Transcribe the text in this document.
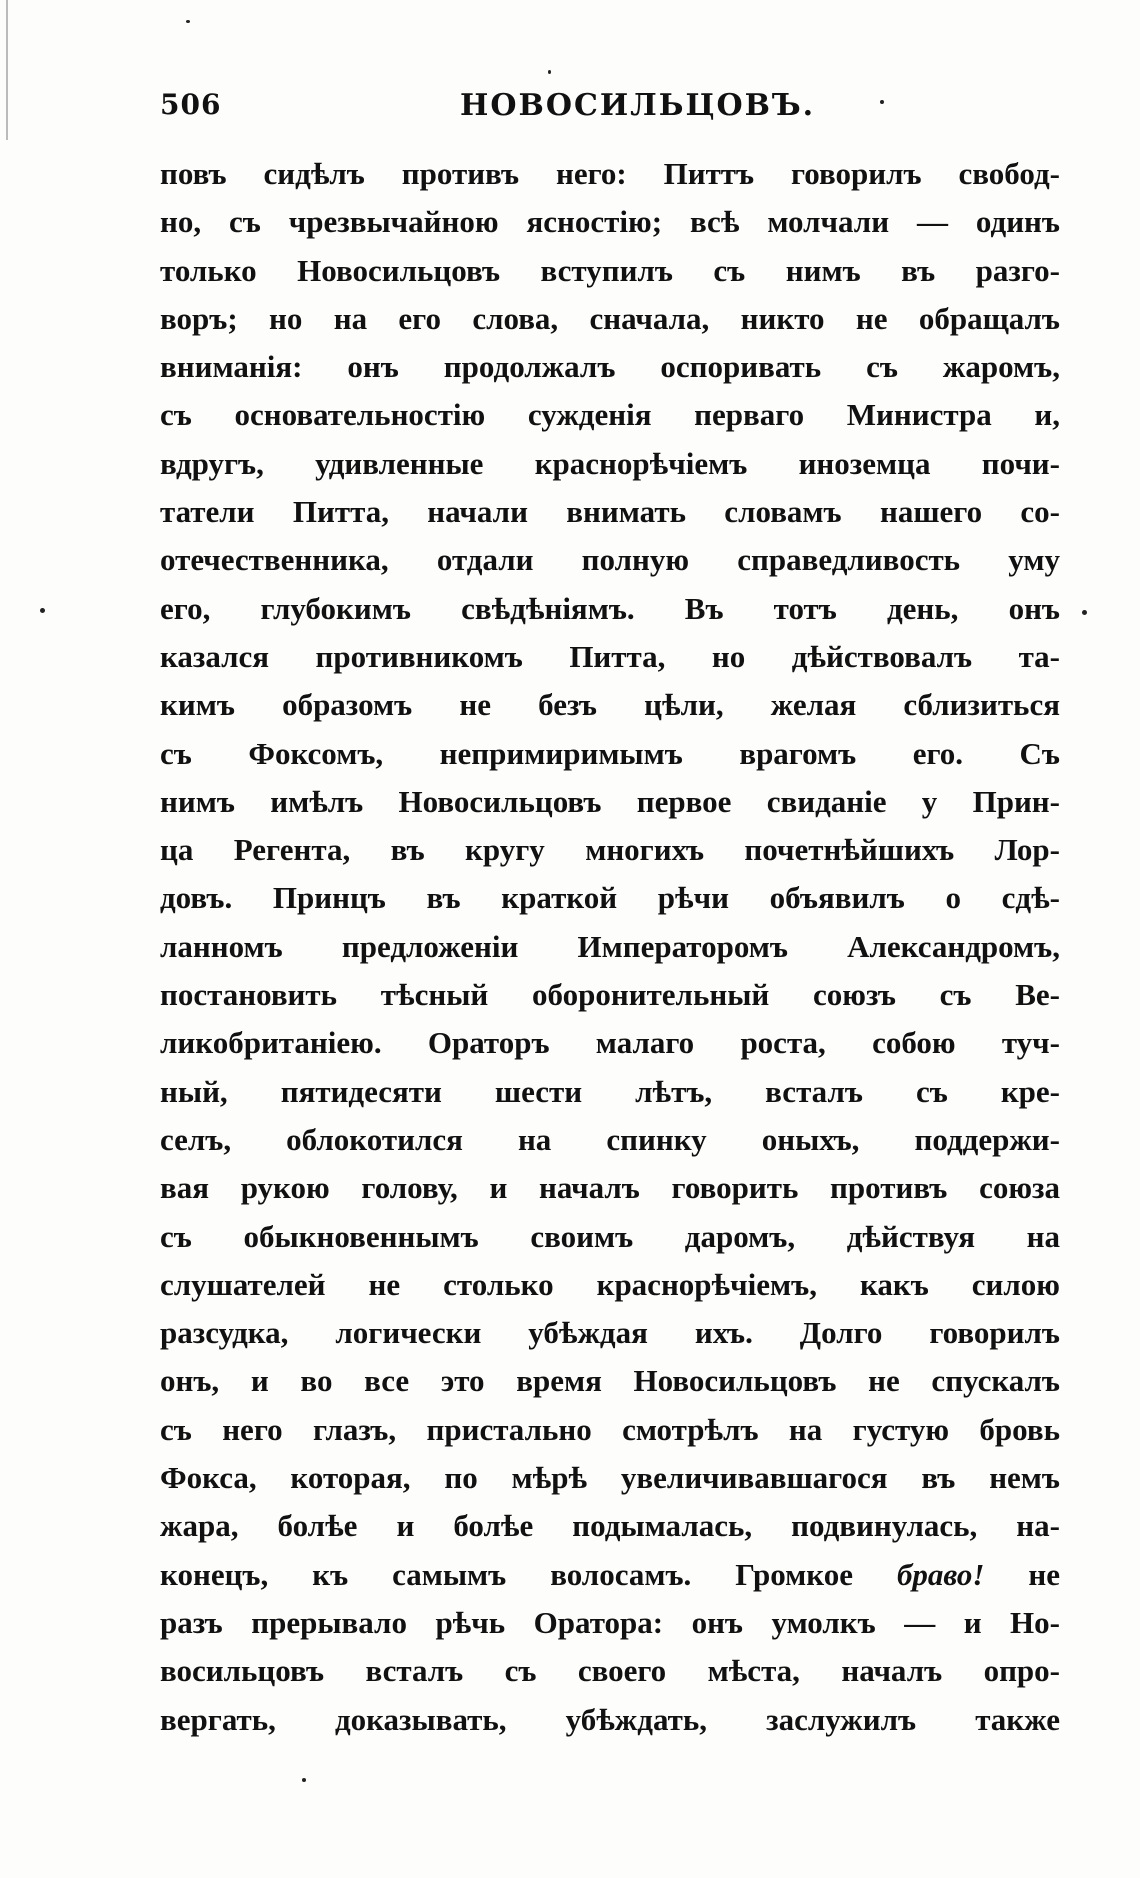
506	НОВОСИЛЬЦОВЪ.
повъ сидѣлъ противъ него: Питтъ говорилъ свобод-
но, съ чрезвычайною ясностію; всѣ молчали — одинъ
только Новосильцовъ вступилъ съ нимъ въ разго-
воръ; но на его слова, сначала, никто не обращалъ
вниманія: онъ продолжалъ оспоривать съ жаромъ,
съ основательностію сужденія перваго Министра и,
вдругъ, удивленные краснорѣчіемъ иноземца почи-
татели Питта, начали внимать словамъ нашего со-
отечественника, отдали полную справедливость уму
его, глубокимъ свѣдѣніямъ. Въ тотъ день, онъ
казался противникомъ Питта, но дѣйствовалъ та-
кимъ образомъ не безъ цѣли, желая сблизиться
съ Фоксомъ, непримиримымъ врагомъ его. Съ
нимъ имѣлъ Новосильцовъ первое свиданіе у Прин-
ца Регента, въ кругу многихъ почетнѣйшихъ Лор-
довъ. Принцъ въ краткой рѣчи объявилъ о сдѣ-
ланномъ предложеніи Императоромъ Александромъ,
постановить тѣсный оборонительный союзъ съ Ве-
ликобританіею. Ораторъ малаго роста, собою туч-
ный, пятидесяти шести лѣтъ, всталъ съ кре-
селъ, облокотился на спинку оныхъ, поддержи-
вая рукою голову, и началъ говорить противъ союза
съ обыкновеннымъ своимъ даромъ, дѣйствуя на
слушателей не столько краснорѣчіемъ, какъ силою
разсудка, логически убѣждая ихъ. Долго говорилъ
онъ, и во все это время Новосильцовъ не спускалъ
съ него глазъ, пристально смотрѣлъ на густую бровь
Фокса, которая, по мѣрѣ увеличивавшагося въ немъ
жара, болѣе и болѣе подымалась, подвинулась, на-
конецъ, къ самымъ волосамъ. Громкое браво! не
разъ прерывало рѣчь Оратора: онъ умолкъ — и Но-
восильцовъ всталъ съ своего мѣста, началъ опро-
вергать, доказывать, убѣждать, заслужилъ также
